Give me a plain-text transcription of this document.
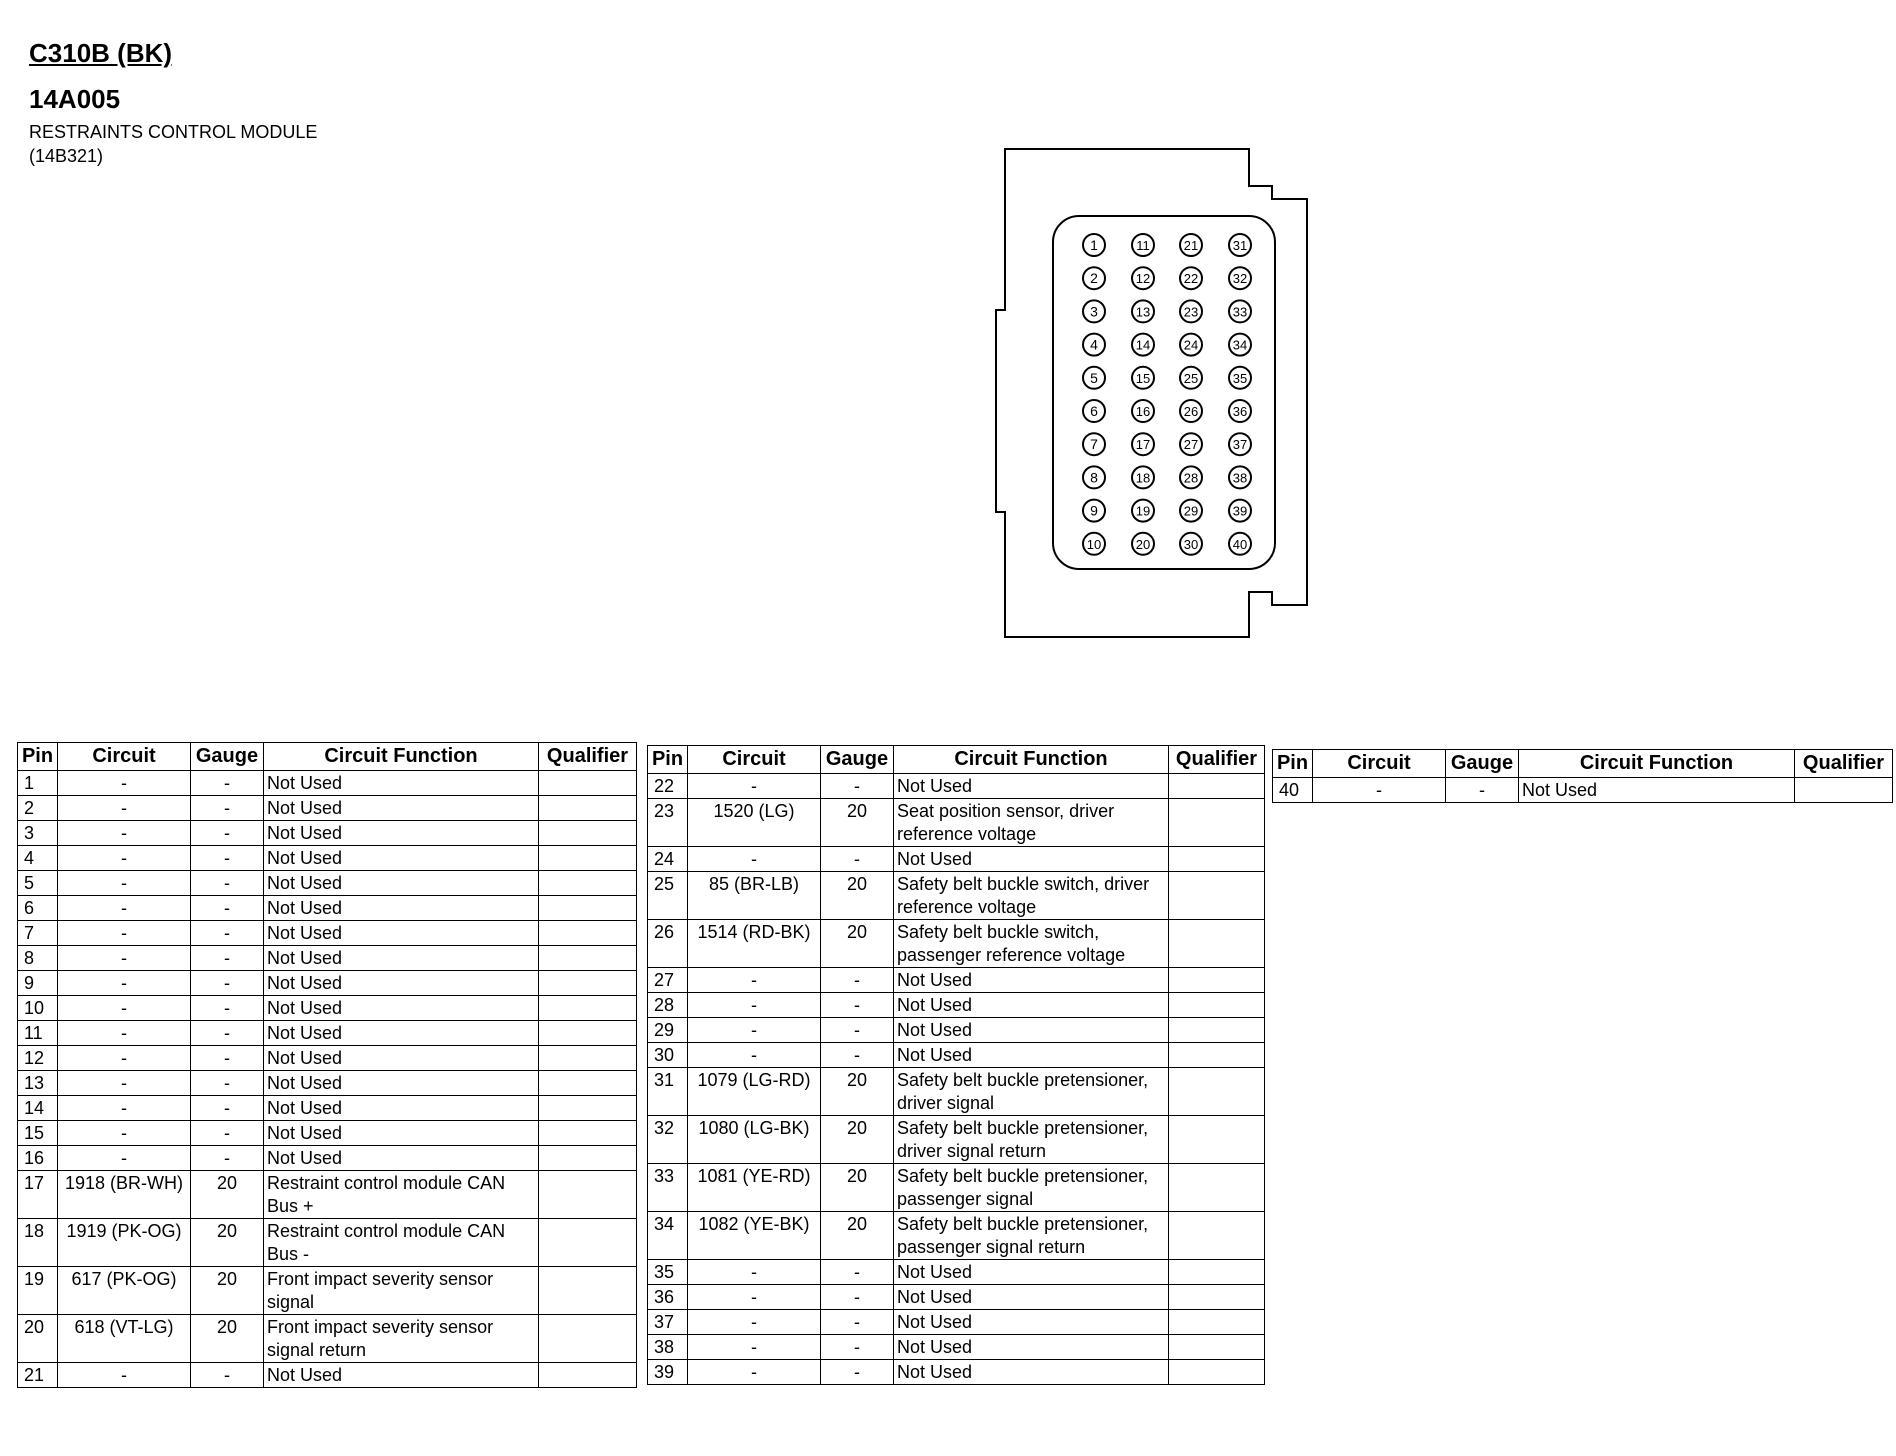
C310B (BK)
14A005
RESTRAINTS CONTROL MODULE
(14B321)
1
2
3
4
5
6
7
8
9
10
11
12
13
14
15
16
17
18
19
20
21
22
23
24
25
26
27
28
29
30
31
32
33
34
35
36
37
38
39
40
Pin	Circuit	Gauge	Circuit Function	Qualifier
1	-	-	Not Used	
2	-	-	Not Used	
3	-	-	Not Used	
4	-	-	Not Used	
5	-	-	Not Used	
6	-	-	Not Used	
7	-	-	Not Used	
8	-	-	Not Used	
9	-	-	Not Used	
10	-	-	Not Used	
11	-	-	Not Used	
12	-	-	Not Used	
13	-	-	Not Used	
14	-	-	Not Used	
15	-	-	Not Used	
16	-	-	Not Used	
17	1918 (BR-WH)	20	Restraint control module CAN Bus +	
18	1919 (PK-OG)	20	Restraint control module CAN Bus -	
19	617 (PK-OG)	20	Front impact severity sensor signal	
20	618 (VT-LG)	20	Front impact severity sensor signal return	
21	-	-	Not Used	
Pin	Circuit	Gauge	Circuit Function	Qualifier
22	-	-	Not Used	
23	1520 (LG)	20	Seat position sensor, driver reference voltage	
24	-	-	Not Used	
25	85 (BR-LB)	20	Safety belt buckle switch, driver reference voltage	
26	1514 (RD-BK)	20	Safety belt buckle switch, passenger reference voltage	
27	-	-	Not Used	
28	-	-	Not Used	
29	-	-	Not Used	
30	-	-	Not Used	
31	1079 (LG-RD)	20	Safety belt buckle pretensioner, driver signal	
32	1080 (LG-BK)	20	Safety belt buckle pretensioner, driver signal return	
33	1081 (YE-RD)	20	Safety belt buckle pretensioner, passenger signal	
34	1082 (YE-BK)	20	Safety belt buckle pretensioner, passenger signal return	
35	-	-	Not Used	
36	-	-	Not Used	
37	-	-	Not Used	
38	-	-	Not Used	
39	-	-	Not Used	
Pin	Circuit	Gauge	Circuit Function	Qualifier
40	-	-	Not Used	
